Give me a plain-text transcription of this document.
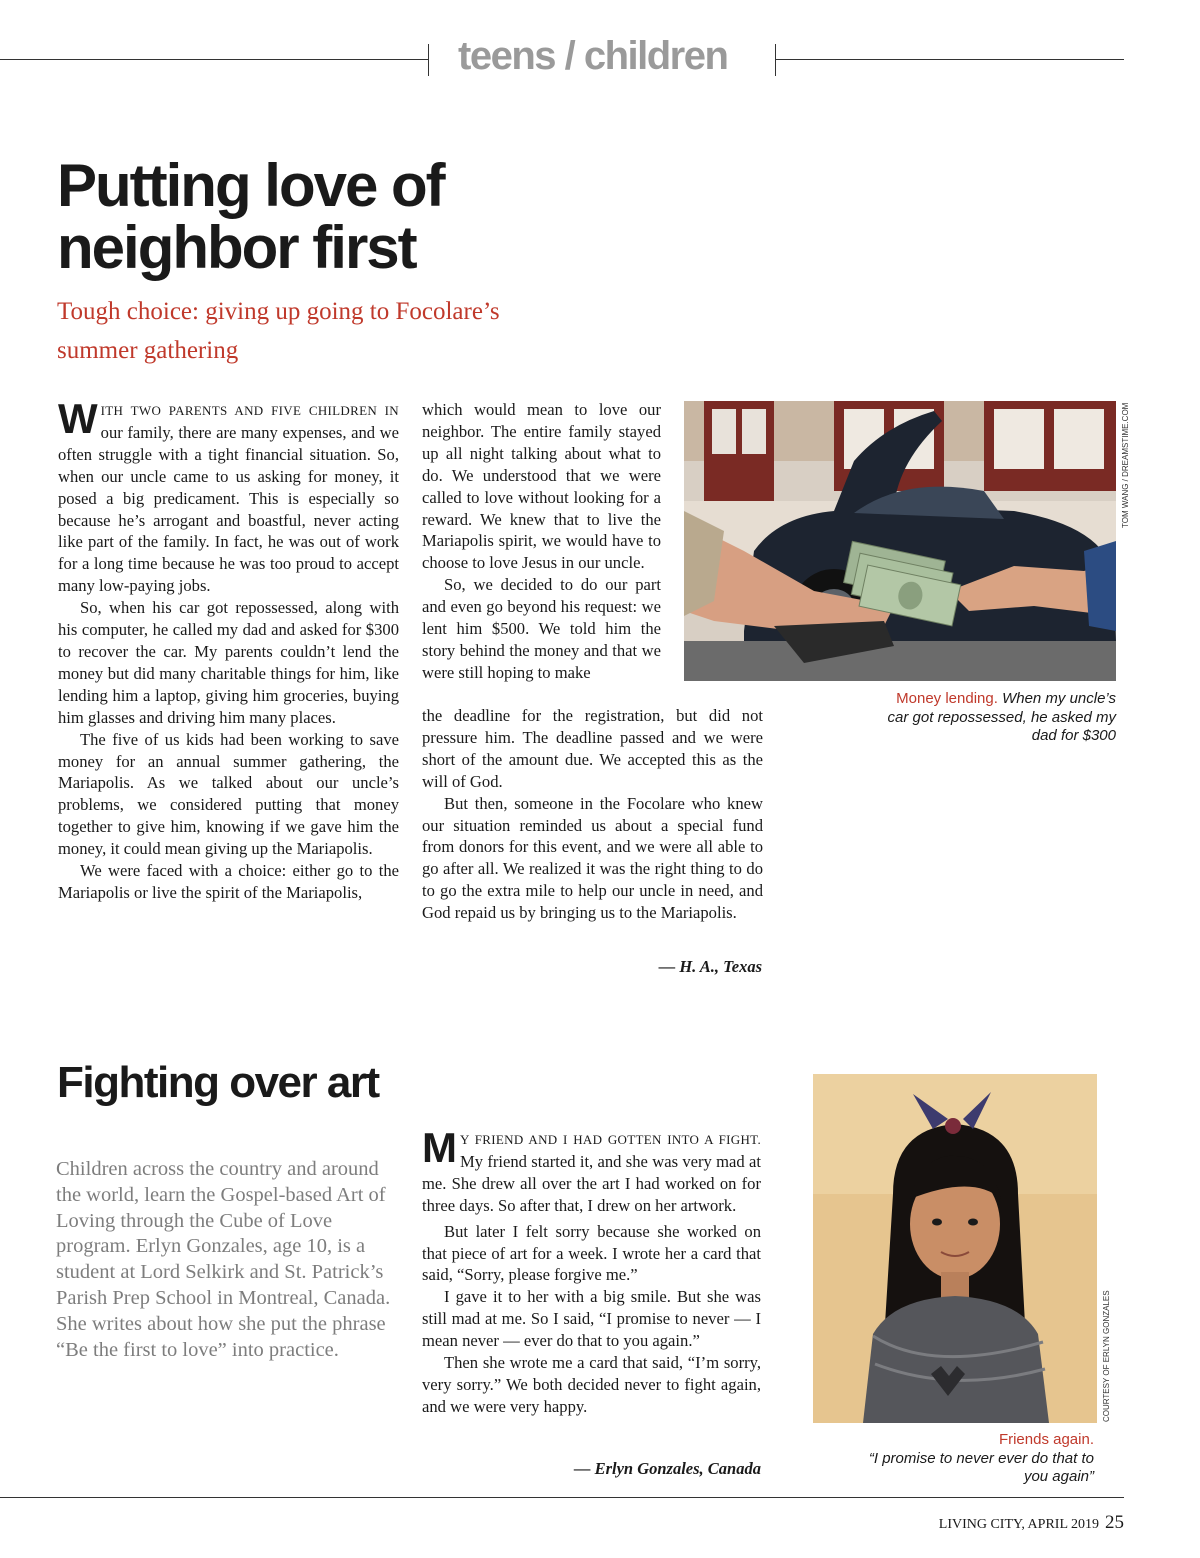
teens / children
Putting love of neighbor first
Tough choice: giving up going to Focolare’s summer gathering

WITH TWO PARENTS AND FIVE CHILDREN IN our family, there are many expenses, and we often struggle with a tight financial situation. So, when our uncle came to us asking for money, it posed a big predicament. This is especially so because he’s arrogant and boastful, never acting like part of the family. In fact, he was out of work for a long time because he was too proud to accept many low-paying jobs.

So, when his car got repossessed, along with his computer, he called my dad and asked for $300 to recover the car. My parents couldn’t lend the money but did many charitable things for him, like lending him a laptop, giving him groceries, buying him glasses and driving him many places.

The five of us kids had been working to save money for an annual summer gathering, the Mariapolis. As we talked about our uncle’s problems, we considered putting that money together to give him, knowing if we gave him the money, it could mean giving up the Mariapolis.

We were faced with a choice: either go to the Mariapolis or live the spirit of the Mariapolis,

which would mean to love our neighbor. The entire family stayed up all night talking about what to do. We understood that we were called to love without looking for a reward. We knew that to live the Mariapolis spirit, we would have to choose to love Jesus in our uncle.

So, we decided to do our part and even go beyond his request: we lent him $500. We told him the story behind the money and that we were still hoping to make

the deadline for the registration, but did not pressure him. The deadline passed and we were short of the amount due. We accepted this as the will of God.

But then, someone in the Focolare who knew our situation reminded us about a special fund from donors for this event, and we were all able to go after all. We realized it was the right thing to do to go the extra mile to help our uncle in need, and God repaid us by bringing us to the Mariapolis.

— H. A., Texas
TOM WANG / DREAMSTIME.COM
Money lending. When my uncle’s car got repossessed, he asked my dad for $300
Fighting over art
Children across the country and around the world, learn the Gospel-based Art of Loving through the Cube of Love program. Erlyn Gonzales, age 10, is a student at Lord Selkirk and St. Patrick’s Parish Prep School in Montreal, Canada. She writes about how she put the phrase “Be the first to love” into practice.

M Y FRIEND AND I HAD GOTTEN INTO A FIGHT. My friend started it, and she was very mad at me. She drew all over the art I had worked on for three days. So after that, I drew on her artwork.

But later I felt sorry because she worked on that piece of art for a week. I wrote her a card that said, “Sorry, please forgive me.”

I gave it to her with a big smile. But she was still mad at me. So I said, “I promise to never — I mean never — ever do that to you again.”

Then she wrote me a card that said, “I’m sorry, very sorry.” We both decided never to fight again, and we were very happy.

— Erlyn Gonzales, Canada
COURTESY OF ERLYN GONZALES
Friends again.
“I promise to never ever do that to you again”
LIVING CITY, APRIL 2019 25
